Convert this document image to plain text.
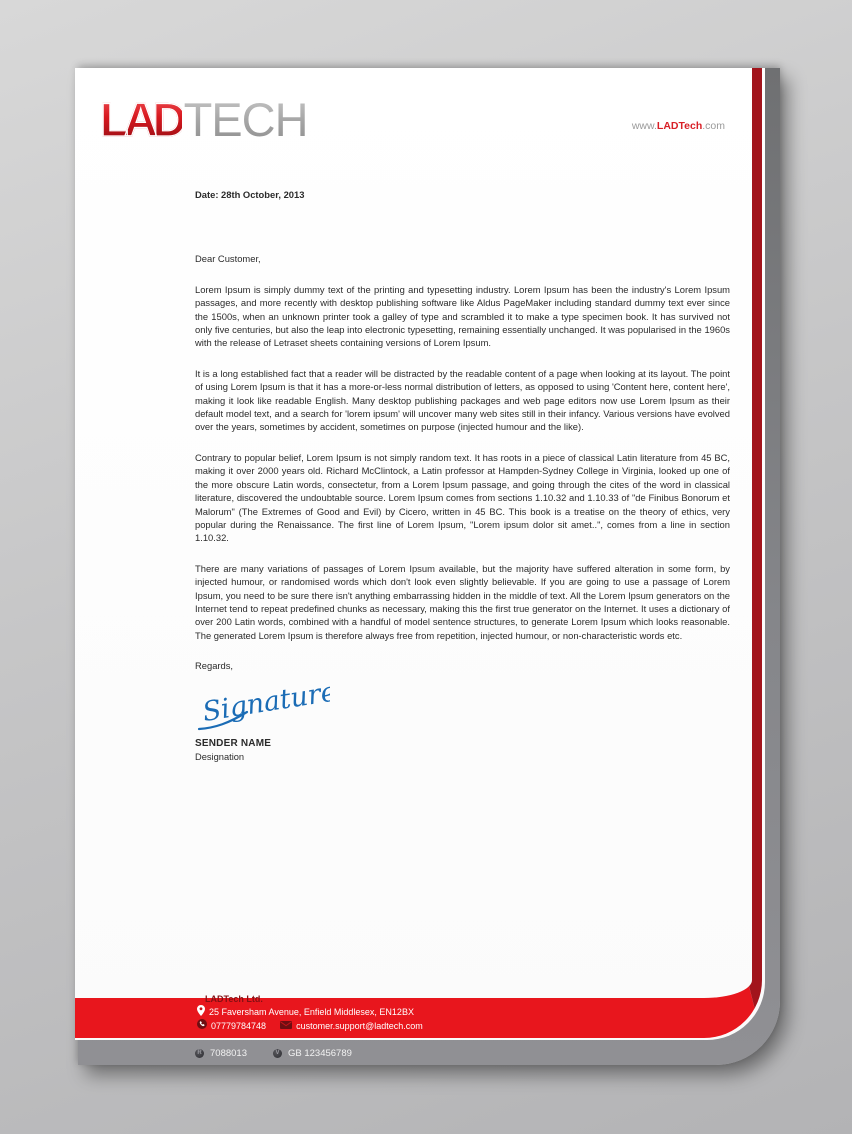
LADTECH	www.LADTech.com

Date: 28th October, 2013

Dear Customer,

Lorem Ipsum is simply dummy text of the printing and typesetting industry. Lorem Ipsum has been the industry's Lorem Ipsum passages, and more recently with desktop publishing software like Aldus PageMaker including standard dummy text ever since the 1500s, when an unknown printer took a galley of type and scrambled it to make a type specimen book. It has survived not only five centuries, but also the leap into electronic typesetting, remaining essentially unchanged. It was popularised in the 1960s with the release of Letraset sheets containing versions of Lorem Ipsum.

It is a long established fact that a reader will be distracted by the readable content of a page when looking at its layout. The point of using Lorem Ipsum is that it has a more-or-less normal distribution of letters, as opposed to using 'Content here, content here', making it look like readable English. Many desktop publishing packages and web page editors now use Lorem Ipsum as their default model text, and a search for 'lorem ipsum' will uncover many web sites still in their infancy. Various versions have evolved over the years, sometimes by accident, sometimes on purpose (injected humour and the like).

Contrary to popular belief, Lorem Ipsum is not simply random text. It has roots in a piece of classical Latin literature from 45 BC, making it over 2000 years old. Richard McClintock, a Latin professor at Hampden-Sydney College in Virginia, looked up one of the more obscure Latin words, consectetur, from a Lorem Ipsum passage, and going through the cites of the word in classical literature, discovered the undoubtable source. Lorem Ipsum comes from sections 1.10.32 and 1.10.33 of "de Finibus Bonorum et Malorum" (The Extremes of Good and Evil) by Cicero, written in 45 BC. This book is a treatise on the theory of ethics, very popular during the Renaissance. The first line of Lorem Ipsum, "Lorem ipsum dolor sit amet..", comes from a line in section 1.10.32.

There are many variations of passages of Lorem Ipsum available, but the majority have suffered alteration in some form, by injected humour, or randomised words which don't look even slightly believable. If you are going to use a passage of Lorem Ipsum, you need to be sure there isn't anything embarrassing hidden in the middle of text. All the Lorem Ipsum generators on the Internet tend to repeat predefined chunks as necessary, making this the first true generator on the Internet. It uses a dictionary of over 200 Latin words, combined with a handful of model sentence structures, to generate Lorem Ipsum which looks reasonable. The generated Lorem Ipsum is therefore always free from repetition, injected humour, or non-characteristic words etc.

Regards,

Signature

SENDER NAME

Designation

LADTech Ltd.
25 Faversham Avenue, Enfield Middlesex, EN12BX
07779784748	customer.support@ladtech.com
R 7088013	V GB 123456789
